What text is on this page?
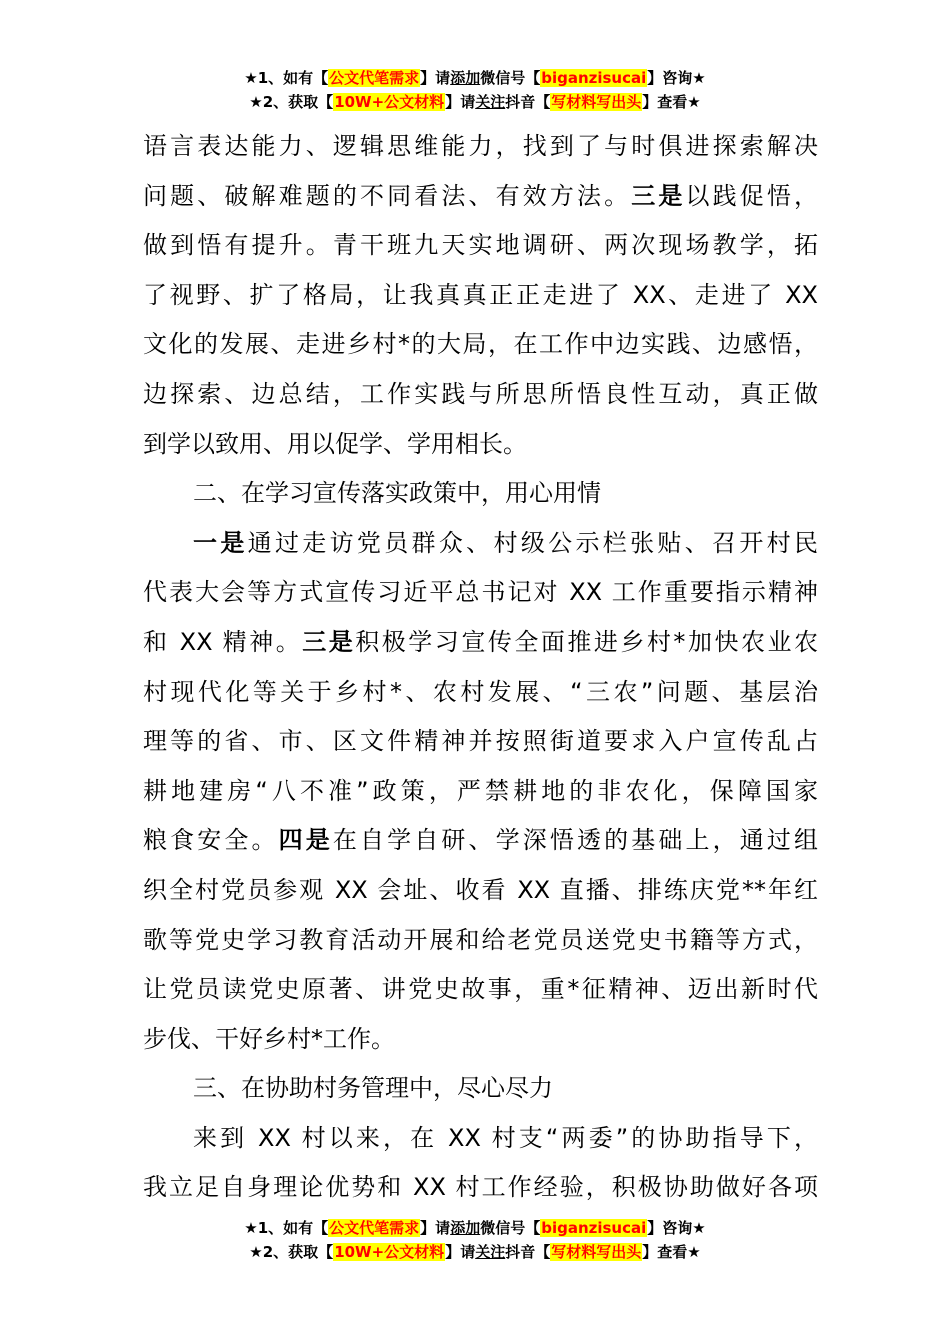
★1、如有【公文代笔需求】请添加微信号【biganzisucai】咨询★
★2、获取【10W+公文材料】请关注抖音【写材料写出头】查看★
语言表达能力、逻辑思维能力，找到了与时俱进探索解决
问题、破解难题的不同看法、有效方法。三是以践促悟，
做到悟有提升。青干班九天实地调研、两次现场教学，拓
了视野、扩了格局，让我真真正正走进了 XX、走进了 XX
文化的发展、走进乡村*的大局，在工作中边实践、边感悟，
边探索、边总结，工作实践与所思所悟良性互动，真正做
到学以致用、用以促学、学用相长。
二、在学习宣传落实政策中，用心用情
一是通过走访党员群众、村级公示栏张贴、召开村民
代表大会等方式宣传习近平总书记对 XX 工作重要指示精神
和 XX 精神。三是积极学习宣传全面推进乡村*加快农业农
村现代化等关于乡村*、农村发展、“三农”问题、基层治
理等的省、市、区文件精神并按照街道要求入户宣传乱占
耕地建房“八不准”政策，严禁耕地的非农化，保障国家
粮食安全。四是在自学自研、学深悟透的基础上，通过组
织全村党员参观 XX 会址、收看 XX 直播、排练庆党**年红
歌等党史学习教育活动开展和给老党员送党史书籍等方式，
让党员读党史原著、讲党史故事，重*征精神、迈出新时代
步伐、干好乡村*工作。
三、在协助村务管理中，尽心尽力
来到 XX 村以来，在 XX 村支“两委”的协助指导下，
我立足自身理论优势和 XX 村工作经验，积极协助做好各项
★1、如有【公文代笔需求】请添加微信号【biganzisucai】咨询★
★2、获取【10W+公文材料】请关注抖音【写材料写出头】查看★
